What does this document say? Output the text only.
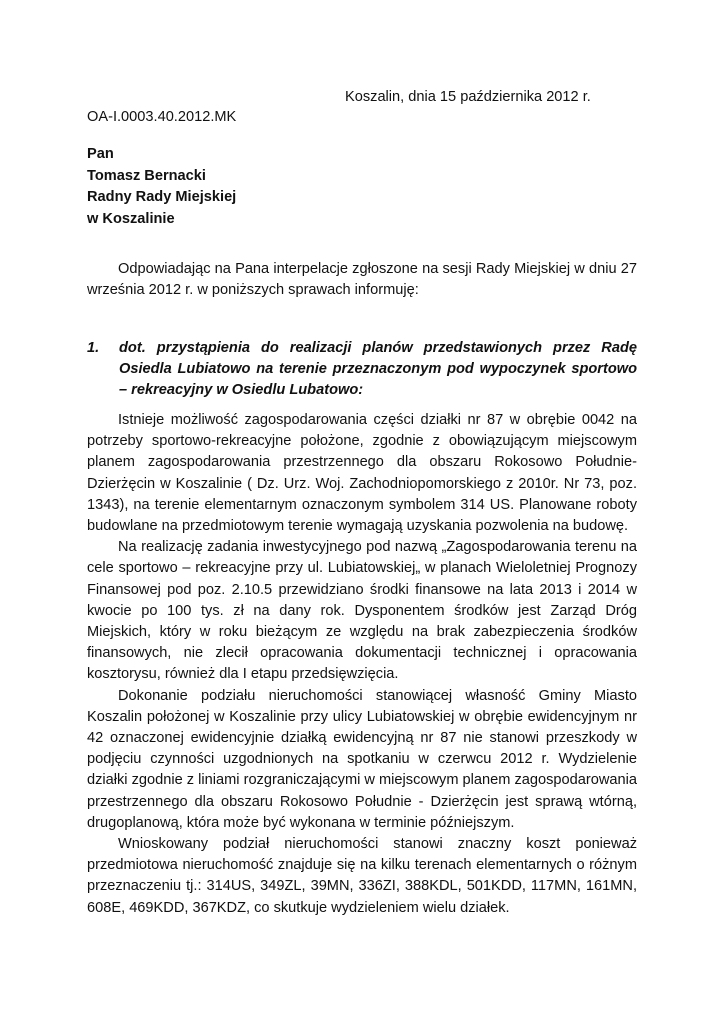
Koszalin, dnia 15 października 2012 r.
OA-I.0003.40.2012.MK
Pan
Tomasz Bernacki
Radny Rady Miejskiej
w Koszalinie
Odpowiadając na Pana interpelacje zgłoszone na sesji Rady Miejskiej w dniu 27 września 2012 r. w poniższych sprawach informuję:
1. dot. przystąpienia do realizacji planów przedstawionych przez Radę Osiedla Lubiatowo na terenie przeznaczonym pod wypoczynek sportowo – rekreacyjny w Osiedlu Lubatowo:

Istnieje możliwość zagospodarowania części działki nr 87 w obrębie 0042 na potrzeby sportowo-rekreacyjne położone, zgodnie z obowiązującym miejscowym planem zagospodarowania przestrzennego dla obszaru Rokosowo Południe-Dzierżęcin w Koszalinie ( Dz. Urz. Woj. Zachodniopomorskiego z 2010r. Nr 73, poz. 1343), na terenie elementarnym oznaczonym symbolem 314 US. Planowane roboty budowlane na przedmiotowym terenie wymagają uzyskania pozwolenia na budowę.

Na realizację zadania inwestycyjnego pod nazwą „Zagospodarowania terenu na cele sportowo – rekreacyjne przy ul. Lubiatowskiej„ w planach Wieloletniej Prognozy Finansowej pod poz. 2.10.5 przewidziano środki finansowe na lata 2013 i 2014 w kwocie po 100 tys. zł na dany rok. Dysponentem środków jest Zarząd Dróg Miejskich, który w roku bieżącym ze względu na brak zabezpieczenia środków finansowych, nie zlecił opracowania dokumentacji technicznej i opracowania kosztorysu, również dla I etapu przedsięwzięcia.

Dokonanie podziału nieruchomości stanowiącej własność Gminy Miasto Koszalin położonej w Koszalinie przy ulicy Lubiatowskiej w obrębie ewidencyjnym nr 42 oznaczonej ewidencyjnie działką ewidencyjną nr 87 nie stanowi przeszkody w podjęciu czynności uzgodnionych na spotkaniu w czerwcu 2012 r. Wydzielenie działki zgodnie z liniami rozgraniczającymi w miejscowym planem zagospodarowania przestrzennego dla obszaru Rokosowo Południe - Dzierżęcin jest sprawą wtórną, drugoplanową, która może być wykonana w terminie późniejszym.

Wnioskowany podział nieruchomości stanowi znaczny koszt ponieważ przedmiotowa nieruchomość znajduje się na kilku terenach elementarnych o różnym przeznaczeniu tj.: 314US, 349ZL, 39MN, 336ZI, 388KDL, 501KDD, 117MN, 161MN, 608E, 469KDD, 367KDZ, co skutkuje wydzieleniem wielu działek.
